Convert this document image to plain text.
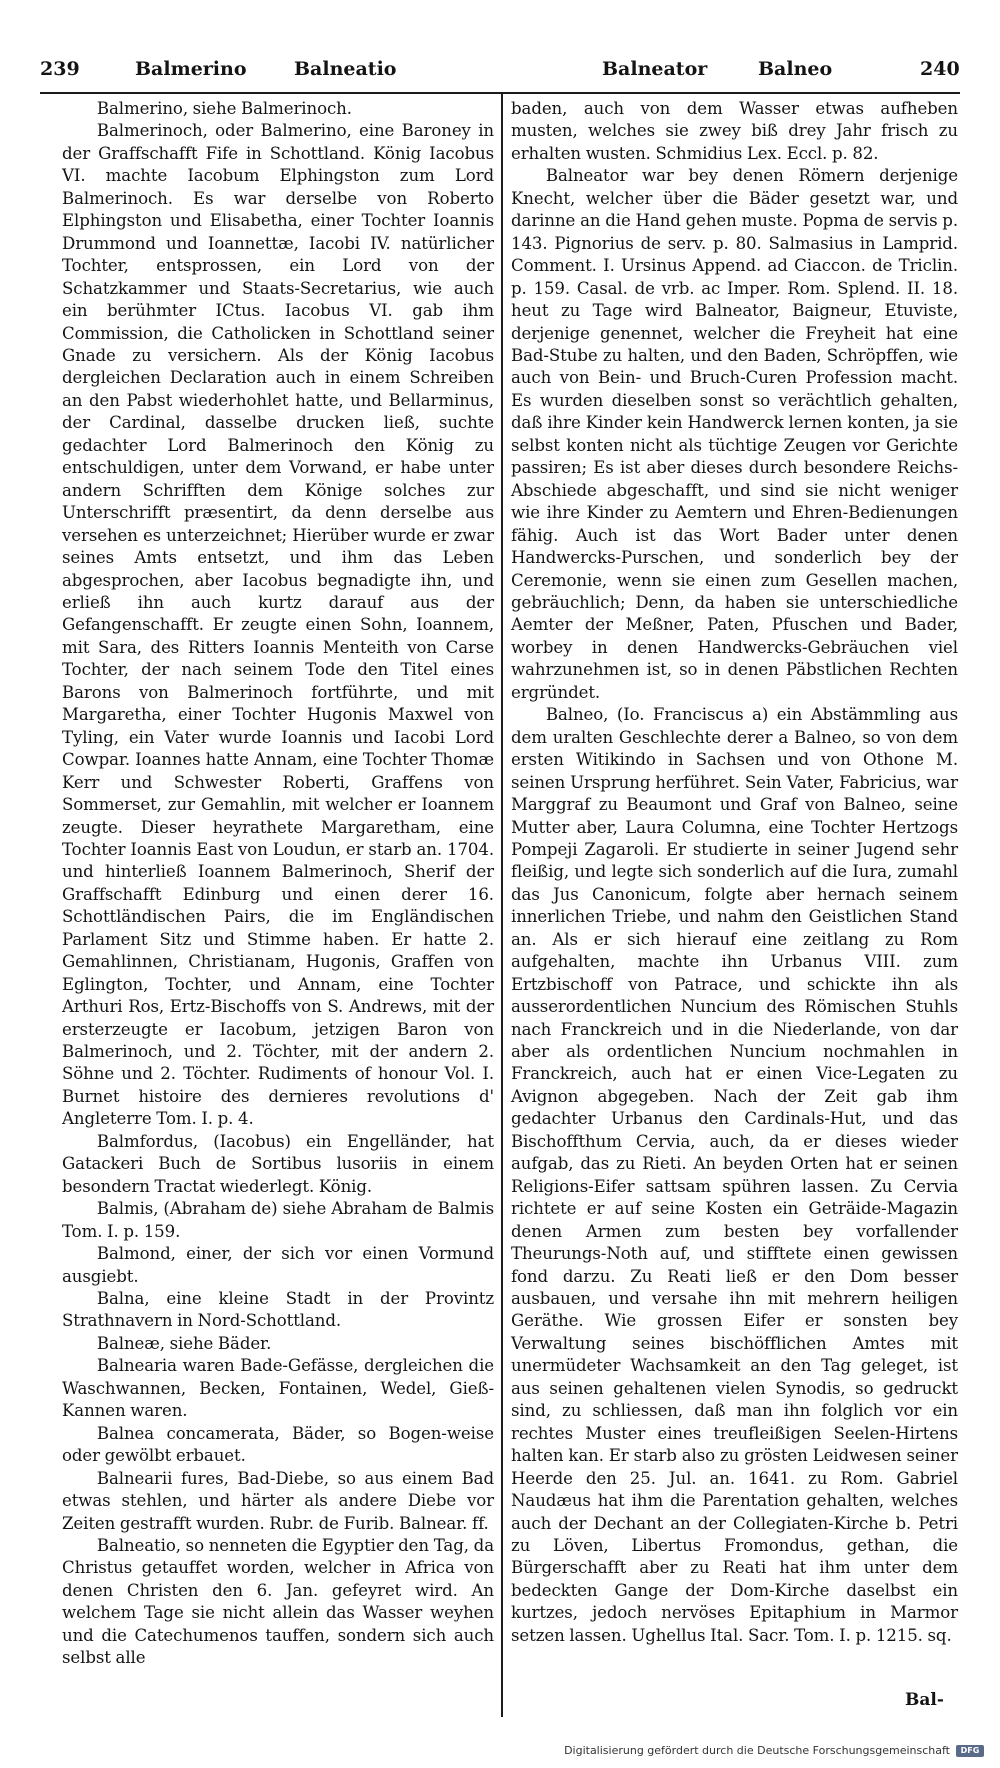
239	Balmerino	Balneatio	Balneator	Balneo	240

Balmerino, siehe Balmerinoch.

Balmerinoch, oder Balmerino, eine Baroney in der Graffschafft Fife in Schottland. König Iacobus VI. machte Iacobum Elphingston zum Lord Balmerinoch. Es war derselbe von Roberto Elphingston und Elisabetha, einer Tochter Ioannis Drummond und Ioannettæ, Iacobi IV. natürlicher Tochter, entsprossen, ein Lord von der Schatzkammer und Staats-Secretarius, wie auch ein berühmter ICtus. Iacobus VI. gab ihm Commission, die Catholicken in Schottland seiner Gnade zu versichern. Als der König Iacobus dergleichen Declaration auch in einem Schreiben an den Pabst wiederhohlet hatte, und Bellarminus, der Cardinal, dasselbe drucken ließ, suchte gedachter Lord Balmerinoch den König zu entschuldigen, unter dem Vorwand, er habe unter andern Schrifften dem Könige solches zur Unterschrifft præsentirt, da denn derselbe aus versehen es unterzeichnet; Hierüber wurde er zwar seines Amts entsetzt, und ihm das Leben abgesprochen, aber Iacobus begnadigte ihn, und erließ ihn auch kurtz darauf aus der Gefangenschafft. Er zeugte einen Sohn, Ioannem, mit Sara, des Ritters Ioannis Menteith von Carse Tochter, der nach seinem Tode den Titel eines Barons von Balmerinoch fortführte, und mit Margaretha, einer Tochter Hugonis Maxwel von Tyling, ein Vater wurde Ioannis und Iacobi Lord Cowpar. Ioannes hatte Annam, eine Tochter Thomæ Kerr und Schwester Roberti, Graffens von Sommerset, zur Gemahlin, mit welcher er Ioannem zeugte. Dieser heyrathete Margaretham, eine Tochter Ioannis East von Loudun, er starb an. 1704. und hinterließ Ioannem Balmerinoch, Sherif der Graffschafft Edinburg und einen derer 16. Schottländischen Pairs, die im Engländischen Parlament Sitz und Stimme haben. Er hatte 2. Gemahlinnen, Christianam, Hugonis, Graffen von Eglington, Tochter, und Annam, eine Tochter Arthuri Ros, Ertz-Bischoffs von S. Andrews, mit der ersterzeugte er Iacobum, jetzigen Baron von Balmerinoch, und 2. Töchter, mit der andern 2. Söhne und 2. Töchter. Rudiments of honour Vol. I. Burnet histoire des dernieres revolutions d' Angleterre Tom. I. p. 4.

Balmfordus, (Iacobus) ein Engelländer, hat Gatackeri Buch de Sortibus lusoriis in einem besondern Tractat wiederlegt. König.

Balmis, (Abraham de) siehe Abraham de Balmis Tom. I. p. 159.

Balmond, einer, der sich vor einen Vormund ausgiebt.

Balna, eine kleine Stadt in der Provintz Strathnavern in Nord-Schottland.

Balneæ, siehe Bäder.

Balnearia waren Bade-Gefässe, dergleichen die Waschwannen, Becken, Fontainen, Wedel, Gieß-Kannen waren.

Balnea concamerata, Bäder, so Bogen-weise oder gewölbt erbauet.

Balnearii fures, Bad-Diebe, so aus einem Bad etwas stehlen, und härter als andere Diebe vor Zeiten gestrafft wurden. Rubr. de Furib. Balnear. ff.

Balneatio, so nenneten die Egyptier den Tag, da Christus getauffet worden, welcher in Africa von denen Christen den 6. Jan. gefeyret wird. An welchem Tage sie nicht allein das Wasser weyhen und die Catechumenos tauffen, sondern sich auch selbst alle

baden, auch von dem Wasser etwas aufheben musten, welches sie zwey biß drey Jahr frisch zu erhalten wusten. Schmidius Lex. Eccl. p. 82.

Balneator war bey denen Römern derjenige Knecht, welcher über die Bäder gesetzt war, und darinne an die Hand gehen muste. Popma de servis p. 143. Pignorius de serv. p. 80. Salmasius in Lamprid. Comment. I. Ursinus Append. ad Ciaccon. de Triclin. p. 159. Casal. de vrb. ac Imper. Rom. Splend. II. 18. heut zu Tage wird Balneator, Baigneur, Etuviste, derjenige genennet, welcher die Freyheit hat eine Bad-Stube zu halten, und den Baden, Schröpffen, wie auch von Bein- und Bruch-Curen Profession macht. Es wurden dieselben sonst so verächtlich gehalten, daß ihre Kinder kein Handwerck lernen konten, ja sie selbst konten nicht als tüchtige Zeugen vor Gerichte passiren; Es ist aber dieses durch besondere Reichs-Abschiede abgeschafft, und sind sie nicht weniger wie ihre Kinder zu Aemtern und Ehren-Bedienungen fähig. Auch ist das Wort Bader unter denen Handwercks-Purschen, und sonderlich bey der Ceremonie, wenn sie einen zum Gesellen machen, gebräuchlich; Denn, da haben sie unterschiedliche Aemter der Meßner, Paten, Pfuschen und Bader, worbey in denen Handwercks-Gebräuchen viel wahrzunehmen ist, so in denen Päbstlichen Rechten ergründet.

Balneo, (Io. Franciscus a) ein Abstämmling aus dem uralten Geschlechte derer a Balneo, so von dem ersten Witikindo in Sachsen und von Othone M. seinen Ursprung herführet. Sein Vater, Fabricius, war Marggraf zu Beaumont und Graf von Balneo, seine Mutter aber, Laura Columna, eine Tochter Hertzogs Pompeji Zagaroli. Er studierte in seiner Jugend sehr fleißig, und legte sich sonderlich auf die Iura, zumahl das Jus Canonicum, folgte aber hernach seinem innerlichen Triebe, und nahm den Geistlichen Stand an. Als er sich hierauf eine zeitlang zu Rom aufgehalten, machte ihn Urbanus VIII. zum Ertzbischoff von Patrace, und schickte ihn als ausserordentlichen Nuncium des Römischen Stuhls nach Franckreich und in die Niederlande, von dar aber als ordentlichen Nuncium nochmahlen in Franckreich, auch hat er einen Vice-Legaten zu Avignon abgegeben. Nach der Zeit gab ihm gedachter Urbanus den Cardinals-Hut, und das Bischoffthum Cervia, auch, da er dieses wieder aufgab, das zu Rieti. An beyden Orten hat er seinen Religions-Eifer sattsam spühren lassen. Zu Cervia richtete er auf seine Kosten ein Geträide-Magazin denen Armen zum besten bey vorfallender Theurungs-Noth auf, und stifftete einen gewissen fond darzu. Zu Reati ließ er den Dom besser ausbauen, und versahe ihn mit mehrern heiligen Geräthe. Wie grossen Eifer er sonsten bey Verwaltung seines bischöfflichen Amtes mit unermüdeter Wachsamkeit an den Tag geleget, ist aus seinen gehaltenen vielen Synodis, so gedruckt sind, zu schliessen, daß man ihn folglich vor ein rechtes Muster eines treufleißigen Seelen-Hirtens halten kan. Er starb also zu grösten Leidwesen seiner Heerde den 25. Jul. an. 1641. zu Rom. Gabriel Naudæus hat ihm die Parentation gehalten, welches auch der Dechant an der Collegiaten-Kirche b. Petri zu Löven, Libertus Fromondus, gethan, die Bürgerschafft aber zu Reati hat ihm unter dem bedeckten Gange der Dom-Kirche daselbst ein kurtzes, jedoch nervöses Epitaphium in Marmor setzen lassen. Ughellus Ital. Sacr. Tom. I. p. 1215. sq.

Bal-
Digitalisierung gefördert durch die Deutsche Forschungsgemeinschaft	DFG
